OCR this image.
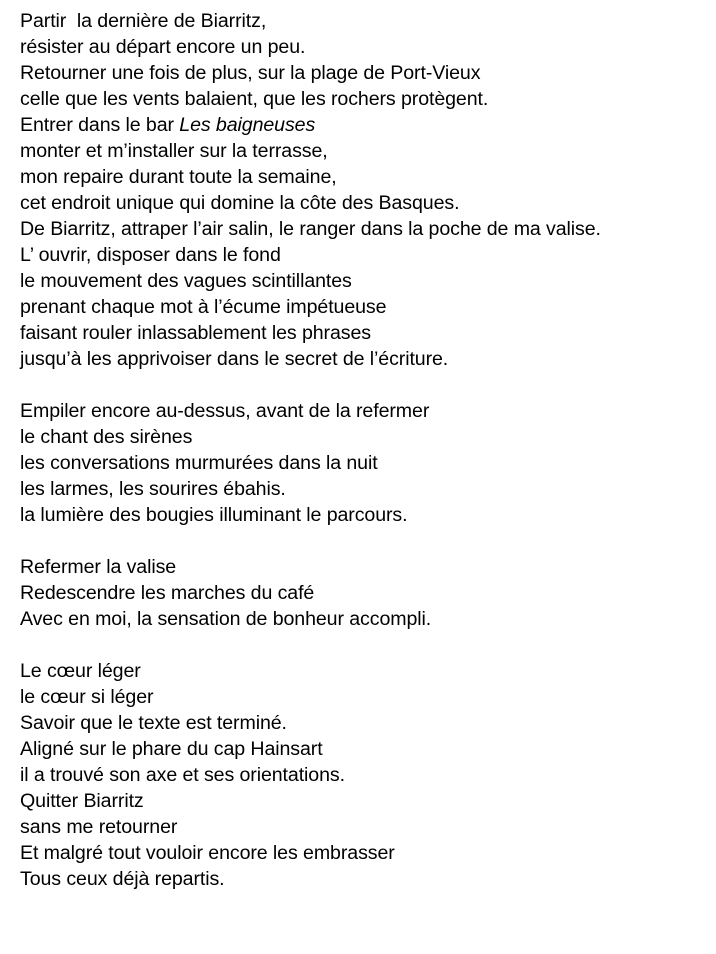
Partir  la dernière de Biarritz,
résister au départ encore un peu.
Retourner une fois de plus, sur la plage de Port-Vieux
celle que les vents balaient, que les rochers protègent.
Entrer dans le bar Les baigneuses
monter et m’installer sur la terrasse,
mon repaire durant toute la semaine,
cet endroit unique qui domine la côte des Basques.
De Biarritz, attraper l’air salin, le ranger dans la poche de ma valise.
L’ ouvrir, disposer dans le fond
le mouvement des vagues scintillantes
prenant chaque mot à l’écume impétueuse
faisant rouler inlassablement les phrases
jusqu’à les apprivoiser dans le secret de l’écriture.
Empiler encore au-dessus, avant de la refermer
le chant des sirènes
les conversations murmurées dans la nuit
les larmes, les sourires ébahis.
la lumière des bougies illuminant le parcours.
Refermer la valise
Redescendre les marches du café
Avec en moi, la sensation de bonheur accompli.
Le cœur léger
le cœur si léger
Savoir que le texte est terminé.
Aligné sur le phare du cap Hainsart
il a trouvé son axe et ses orientations.
Quitter Biarritz
sans me retourner
Et malgré tout vouloir encore les embrasser
Tous ceux déjà repartis.
